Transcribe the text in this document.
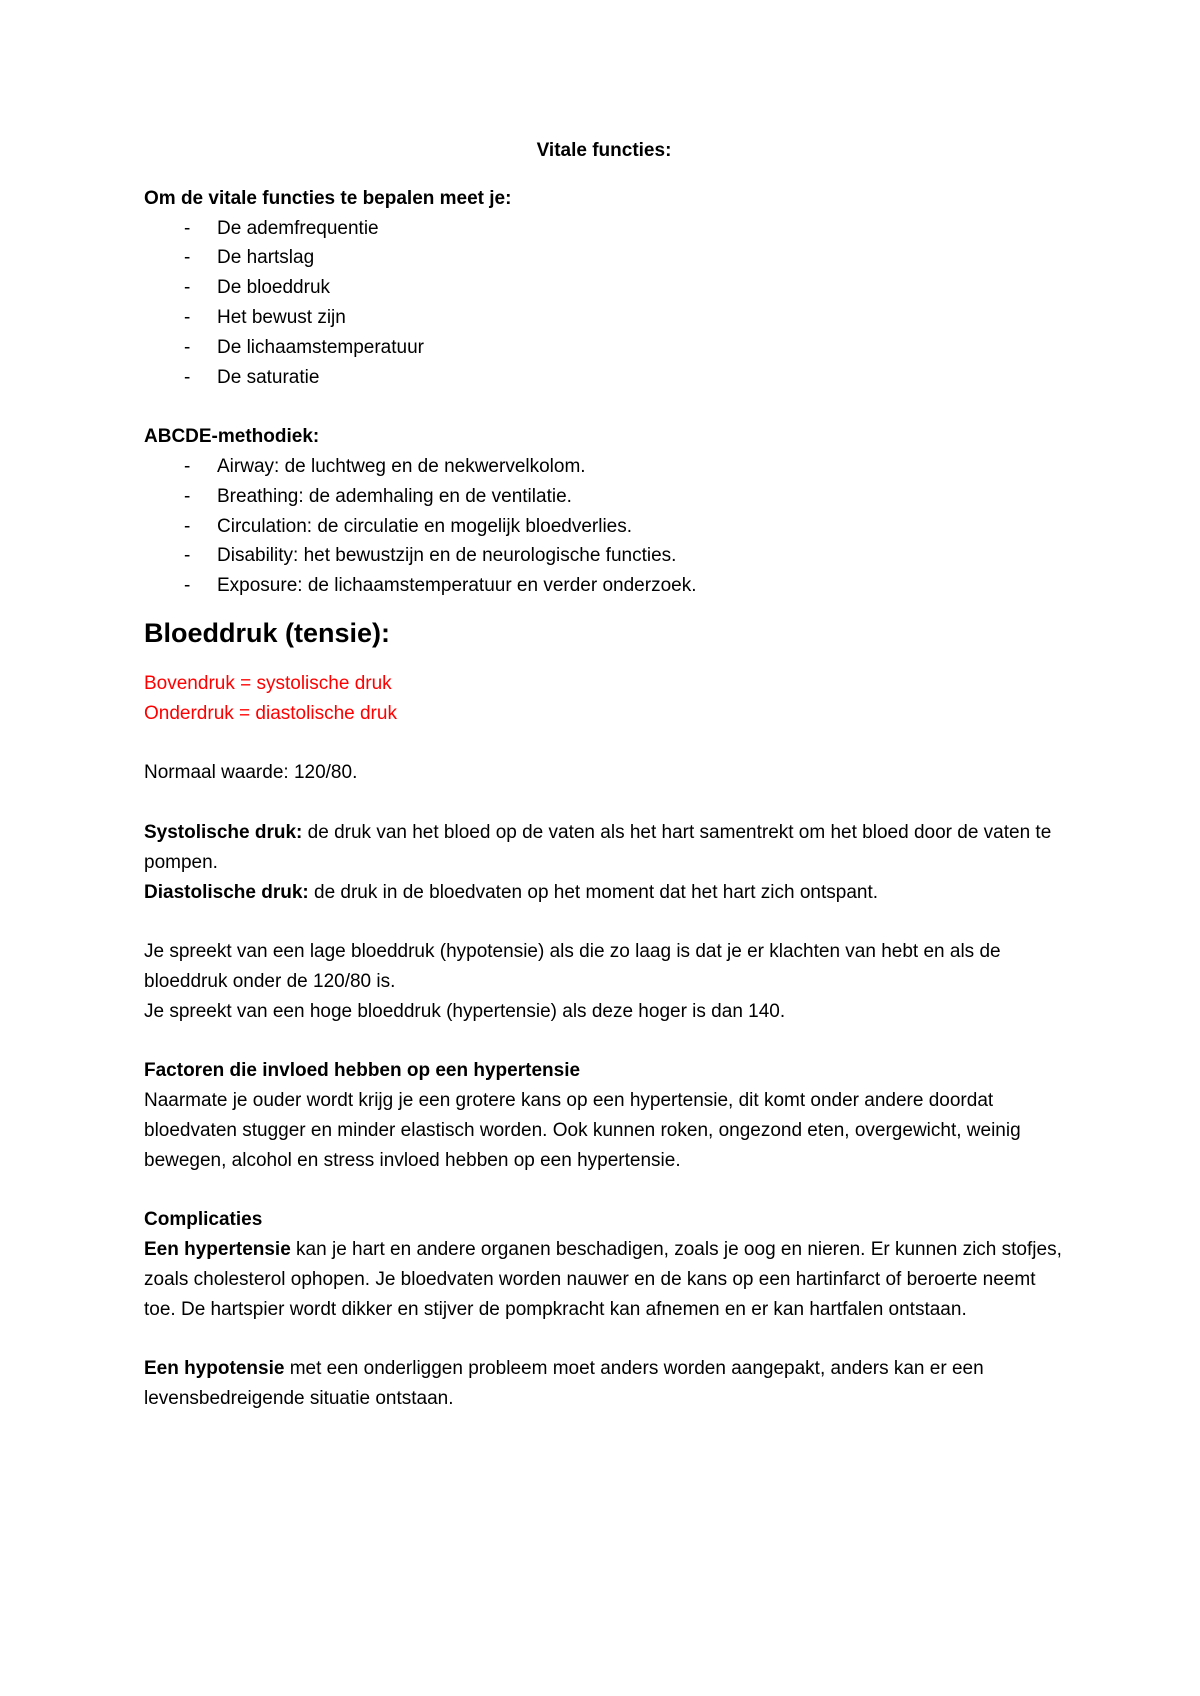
Vitale functies:

Om de vitale functies te bepalen meet je:

- De ademfrequentie
- De hartslag
- De bloeddruk
- Het bewust zijn
- De lichaamstemperatuur
- De saturatie

ABCDE-methodiek:

- Airway: de luchtweg en de nekwervelkolom.
- Breathing: de ademhaling en de ventilatie.
- Circulation: de circulatie en mogelijk bloedverlies.
- Disability: het bewustzijn en de neurologische functies.
- Exposure: de lichaamstemperatuur en verder onderzoek.

Bloeddruk (tensie):

Bovendruk = systolische druk

Onderdruk = diastolische druk

Normaal waarde: 120/80.

Systolische druk: de druk van het bloed op de vaten als het hart samentrekt om het bloed door de vaten te pompen.

Diastolische druk: de druk in de bloedvaten op het moment dat het hart zich ontspant.

Je spreekt van een lage bloeddruk (hypotensie) als die zo laag is dat je er klachten van hebt en als de bloeddruk onder de 120/80 is.

Je spreekt van een hoge bloeddruk (hypertensie) als deze hoger is dan 140.

Factoren die invloed hebben op een hypertensie

Naarmate je ouder wordt krijg je een grotere kans op een hypertensie, dit komt onder andere doordat bloedvaten stugger en minder elastisch worden. Ook kunnen roken, ongezond eten, overgewicht, weinig bewegen, alcohol en stress invloed hebben op een hypertensie.

Complicaties

Een hypertensie kan je hart en andere organen beschadigen, zoals je oog en nieren. Er kunnen zich stofjes, zoals cholesterol ophopen. Je bloedvaten worden nauwer en de kans op een hartinfarct of beroerte neemt toe. De hartspier wordt dikker en stijver de pompkracht kan afnemen en er kan hartfalen ontstaan.

Een hypotensie met een onderliggen probleem moet anders worden aangepakt, anders kan er een levensbedreigende situatie ontstaan.
